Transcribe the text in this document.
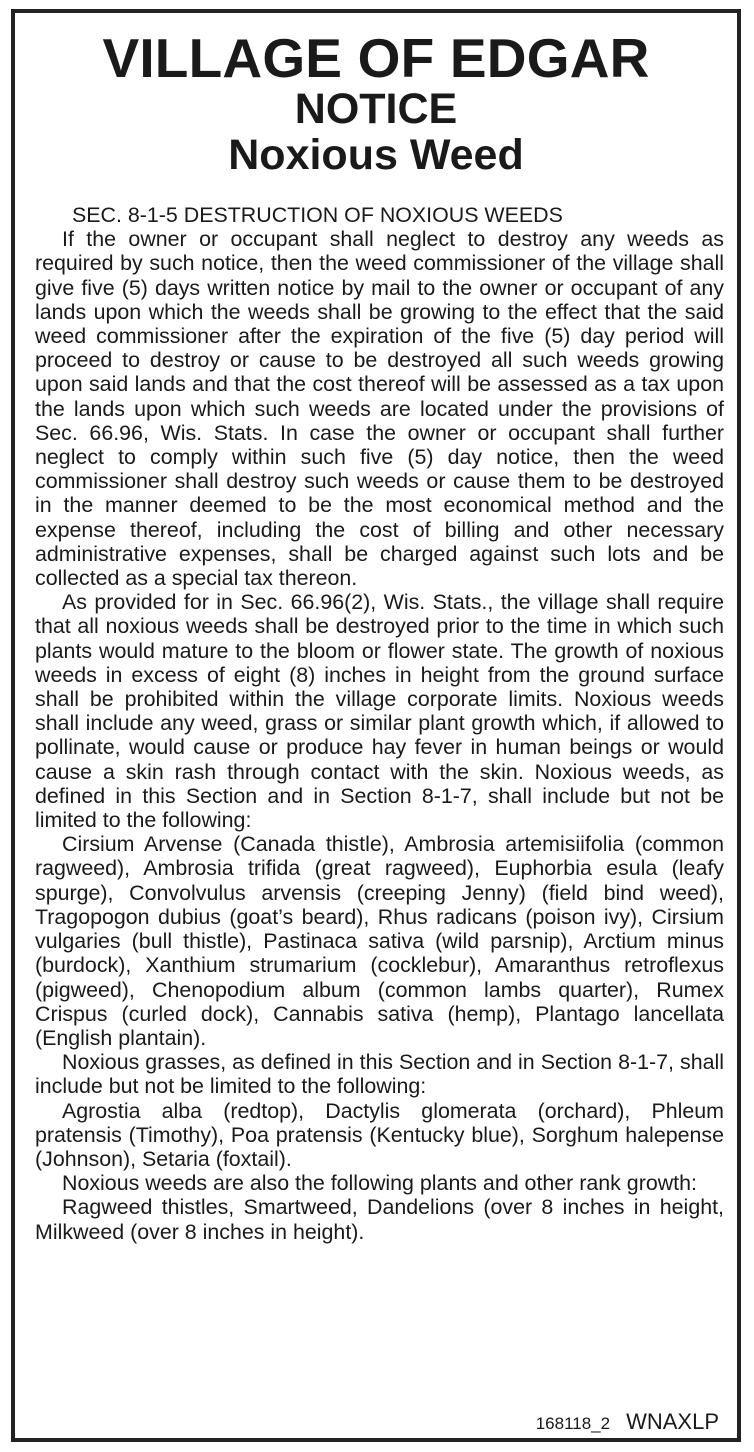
VILLAGE OF EDGAR
NOTICE
Noxious Weed

SEC. 8-1-5 DESTRUCTION OF NOXIOUS WEEDS

If the owner or occupant shall neglect to destroy any weeds as required by such notice, then the weed commissioner of the village shall give five (5) days written notice by mail to the owner or occupant of any lands upon which the weeds shall be growing to the effect that the said weed commissioner after the expiration of the five (5) day period will proceed to destroy or cause to be destroyed all such weeds growing upon said lands and that the cost thereof will be assessed as a tax upon the lands upon which such weeds are located under the provisions of Sec. 66.96, Wis. Stats. In case the owner or occupant shall further neglect to comply within such five (5) day notice, then the weed commissioner shall destroy such weeds or cause them to be destroyed in the manner deemed to be the most economical method and the expense thereof, including the cost of billing and other necessary administrative expenses, shall be charged against such lots and be collected as a special tax thereon.

As provided for in Sec. 66.96(2), Wis. Stats., the village shall require that all noxious weeds shall be destroyed prior to the time in which such plants would mature to the bloom or flower state. The growth of noxious weeds in excess of eight (8) inches in height from the ground surface shall be prohibited within the village corporate limits. Noxious weeds shall include any weed, grass or similar plant growth which, if allowed to pollinate, would cause or produce hay fever in human beings or would cause a skin rash through contact with the skin. Noxious weeds, as defined in this Section and in Section 8-1-7, shall include but not be limited to the following:

Cirsium Arvense (Canada thistle), Ambrosia artemisiifolia (common ragweed), Ambrosia trifida (great ragweed), Euphorbia esula (leafy spurge), Convolvulus arvensis (creeping Jenny) (field bind weed), Tragopogon dubius (goat’s beard), Rhus radicans (poison ivy), Cirsium vulgaries (bull thistle), Pastinaca sativa (wild parsnip), Arctium minus (burdock), Xanthium strumarium (cocklebur), Amaranthus retroflexus (pigweed), Chenopodium album (common lambs quarter), Rumex Crispus (curled dock), Cannabis sativa (hemp), Plantago lancellata (English plantain).

Noxious grasses, as defined in this Section and in Section 8-1-7, shall include but not be limited to the following:

Agrostia alba (redtop), Dactylis glomerata (orchard), Phleum pratensis (Timothy), Poa pratensis (Kentucky blue), Sorghum halepense (Johnson), Setaria (foxtail).

Noxious weeds are also the following plants and other rank growth:

Ragweed thistles, Smartweed, Dandelions (over 8 inches in height, Milkweed (over 8 inches in height).

168118_2 WNAXLP
